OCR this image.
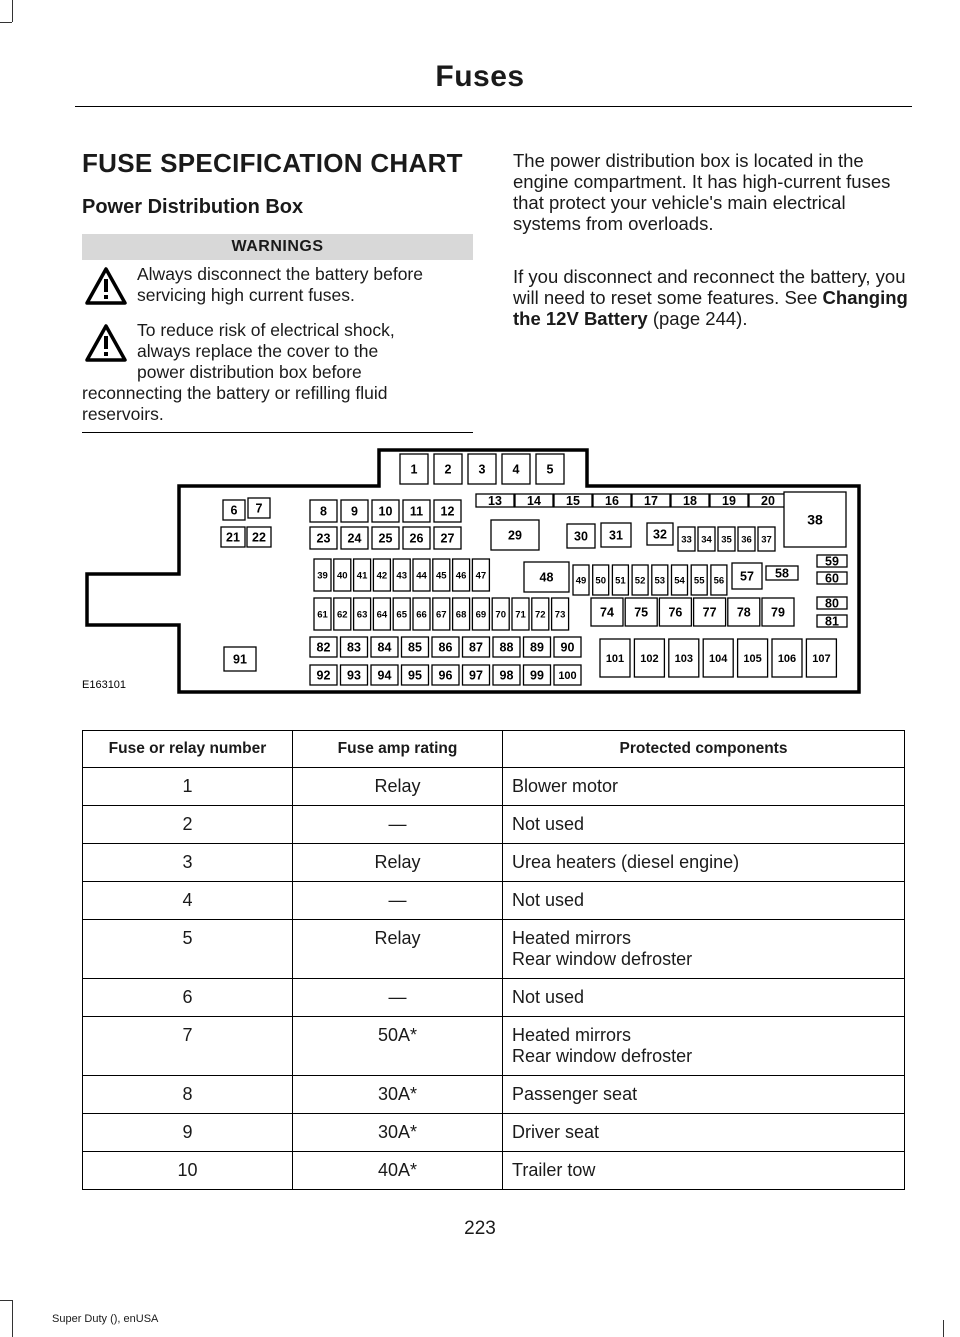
Fuses
FUSE SPECIFICATION CHART
Power Distribution Box
WARNINGS
Always disconnect the battery before servicing high current fuses.
To reduce risk of electrical shock,
always replace the cover to the
power distribution box before
reconnecting the battery or refilling fluid
reservoirs.

The power distribution box is located in the engine compartment. It has high-current fuses that protect your vehicle's main electrical systems from overloads.

If you disconnect and reconnect the battery, you will need to reset some features. See Changing the 12V Battery (page 244).

E163101
1 2 3 4 5
6 7
21 22
8 9 10 11 12
13 14 15 16 17 18 19 20
38
23 24 25 26 27	29	30 31 32 33 34 35 36 37
39 40 41 42 43 44 45 46 47	48 49 50 51 52 53 54 55 56 57 58
59
60
61 62 63 64 65 66 67 68 69 70 71 72 73	74 75 76 77 78 79
80
81
91
82 83 84 85 86 87 88 89 90
92 93 94 95 96 97 98 99 100
101 102 103 104 105 106 107
Fuse or relay number	Fuse amp rating	Protected components
1	Relay	Blower motor

2	—	Not used

3	Relay	Urea heaters (diesel engine)

4	—	Not used

5	Relay	Heated mirrors
Rear window defroster

6	—	Not used

7	50A*	Heated mirrors
Rear window defroster

8	30A*	Passenger seat

9	30A*	Driver seat

10	40A*	Trailer tow
223
Super Duty (), enUSA
